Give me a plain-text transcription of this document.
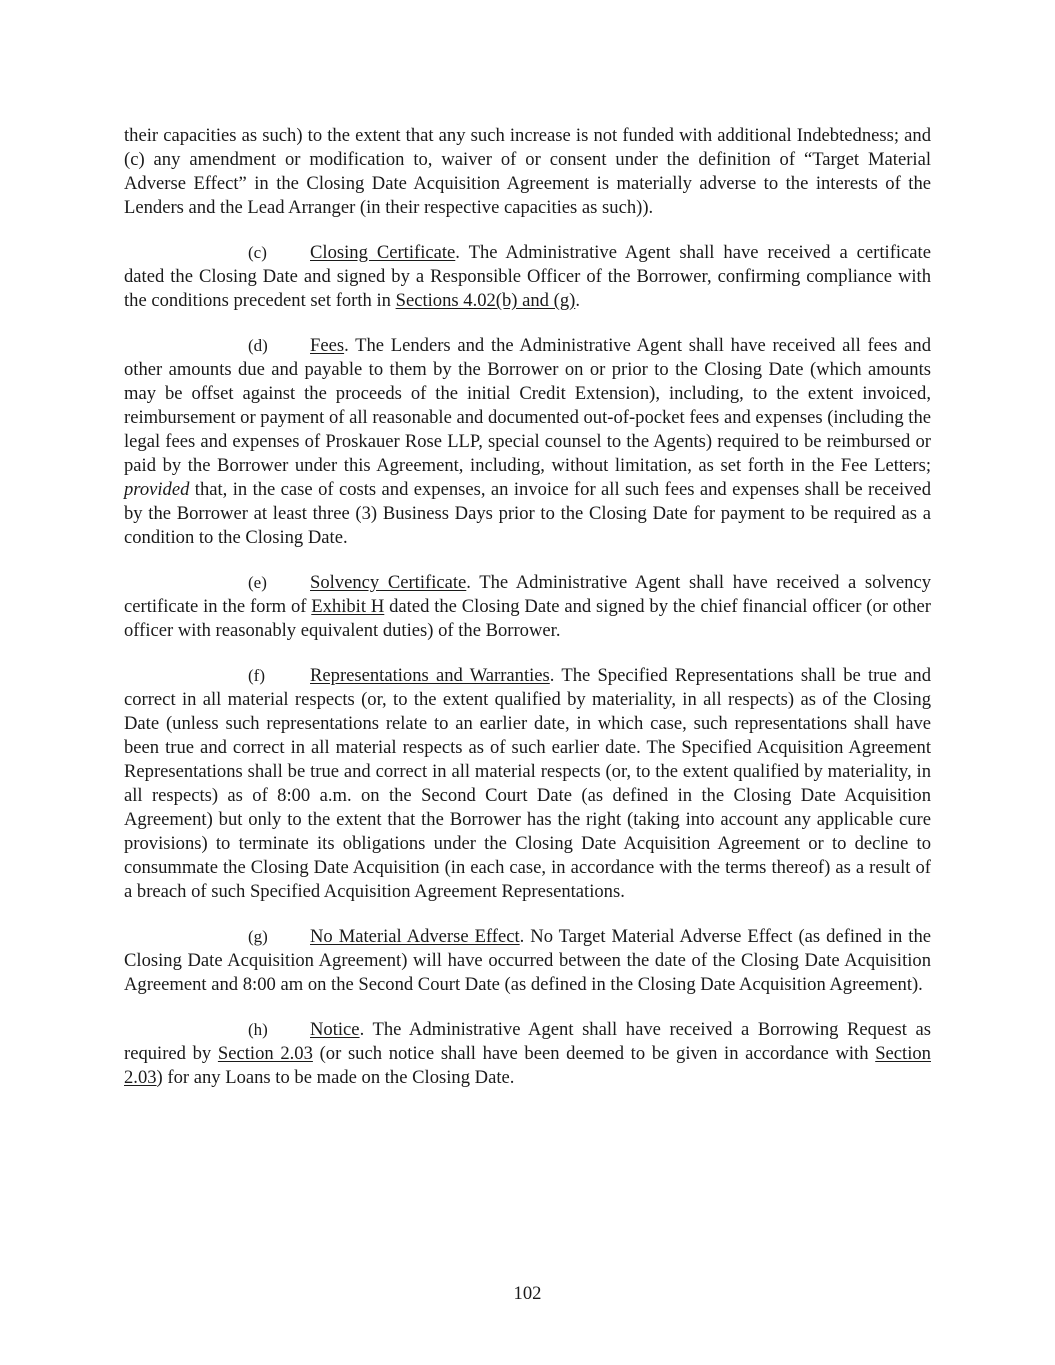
their capacities as such) to the extent that any such increase is not funded with additional Indebtedness; and (c) any amendment or modification to, waiver of or consent under the definition of “Target Material Adverse Effect” in the Closing Date Acquisition Agreement is materially adverse to the interests of the Lenders and the Lead Arranger (in their respective capacities as such)).

(c) Closing Certificate. The Administrative Agent shall have received a certificate dated the Closing Date and signed by a Responsible Officer of the Borrower, confirming compliance with the conditions precedent set forth in Sections 4.02(b) and (g).

(d) Fees. The Lenders and the Administrative Agent shall have received all fees and other amounts due and payable to them by the Borrower on or prior to the Closing Date (which amounts may be offset against the proceeds of the initial Credit Extension), including, to the extent invoiced, reimbursement or payment of all reasonable and documented out-of-pocket fees and expenses (including the legal fees and expenses of Proskauer Rose LLP, special counsel to the Agents) required to be reimbursed or paid by the Borrower under this Agreement, including, without limitation, as set forth in the Fee Letters; provided that, in the case of costs and expenses, an invoice for all such fees and expenses shall be received by the Borrower at least three (3) Business Days prior to the Closing Date for payment to be required as a condition to the Closing Date.

(e) Solvency Certificate. The Administrative Agent shall have received a solvency certificate in the form of Exhibit H dated the Closing Date and signed by the chief financial officer (or other officer with reasonably equivalent duties) of the Borrower.

(f) Representations and Warranties. The Specified Representations shall be true and correct in all material respects (or, to the extent qualified by materiality, in all respects) as of the Closing Date (unless such representations relate to an earlier date, in which case, such representations shall have been true and correct in all material respects as of such earlier date. The Specified Acquisition Agreement Representations shall be true and correct in all material respects (or, to the extent qualified by materiality, in all respects) as of 8:00 a.m. on the Second Court Date (as defined in the Closing Date Acquisition Agreement) but only to the extent that the Borrower has the right (taking into account any applicable cure provisions) to terminate its obligations under the Closing Date Acquisition Agreement or to decline to consummate the Closing Date Acquisition (in each case, in accordance with the terms thereof) as a result of a breach of such Specified Acquisition Agreement Representations.

(g) No Material Adverse Effect. No Target Material Adverse Effect (as defined in the Closing Date Acquisition Agreement) will have occurred between the date of the Closing Date Acquisition Agreement and 8:00 am on the Second Court Date (as defined in the Closing Date Acquisition Agreement).

(h) Notice. The Administrative Agent shall have received a Borrowing Request as required by Section 2.03 (or such notice shall have been deemed to be given in accordance with Section 2.03) for any Loans to be made on the Closing Date.

102
